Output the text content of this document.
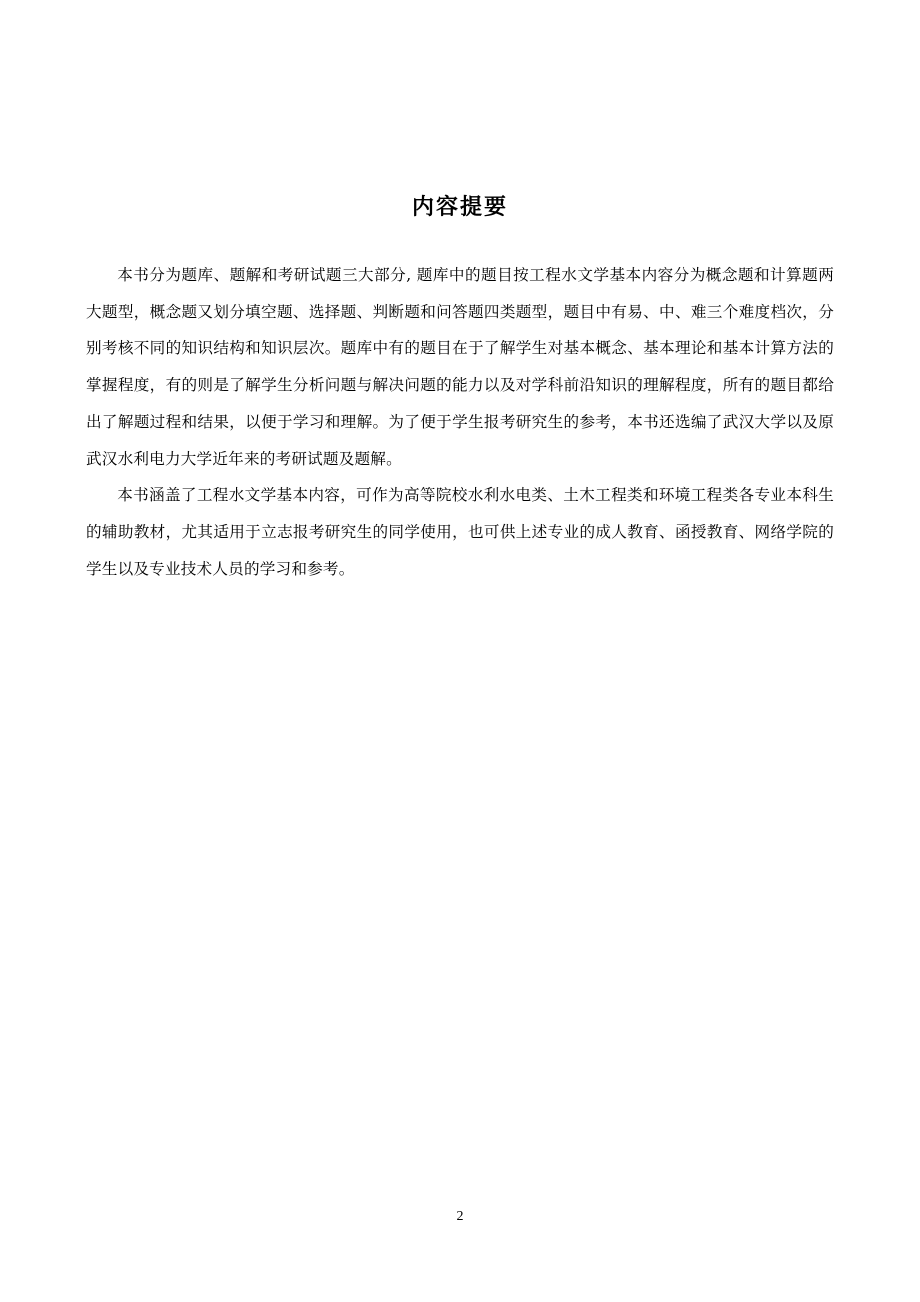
内容提要

本书分为题库、题解和考研试题三大部分, 题库中的题目按工程水文学基本内容分为概念题和计算题两大题型，概念题又划分填空题、选择题、判断题和问答题四类题型，题目中有易、中、难三个难度档次，分别考核不同的知识结构和知识层次。题库中有的题目在于了解学生对基本概念、基本理论和基本计算方法的掌握程度，有的则是了解学生分析问题与解决问题的能力以及对学科前沿知识的理解程度，所有的题目都给出了解题过程和结果，以便于学习和理解。为了便于学生报考研究生的参考，本书还选编了武汉大学以及原武汉水利电力大学近年来的考研试题及题解。

本书涵盖了工程水文学基本内容，可作为高等院校水利水电类、土木工程类和环境工程类各专业本科生的辅助教材，尤其适用于立志报考研究生的同学使用，也可供上述专业的成人教育、函授教育、网络学院的学生以及专业技术人员的学习和参考。

2
